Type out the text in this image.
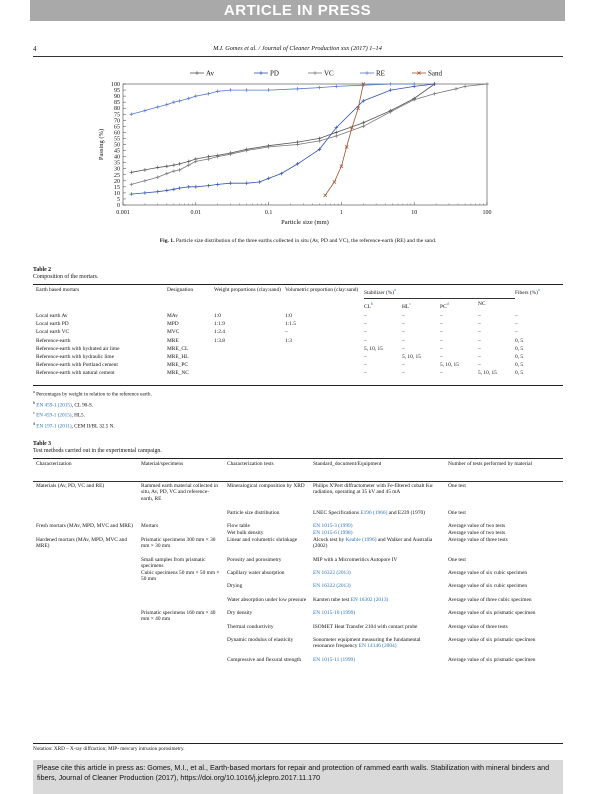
ARTICLE IN PRESS
4	M.I. Gomes et al. / Journal of Cleaner Production xxx (2017) 1–14
0
5
10
15
20
25
30
35
40
45
50
55
60
65
70
75
80
85
90
95
100
0.001	0.01	0.1	1	10	100
Particle size (mm)
Passing (%)
Av	PD	VC	RE	Sand
Fig. 1. Particle size distribution of the three earths collected in situ (Av, PD and VC), the reference-earth (RE) and the sand.
Table 2
Composition of the mortars.
Earth based mortars	Designation	Weight proportions (clay:sand)	Volumetric proportion (clay:sand)	Stabilizer (%)$^a$				Fibers (%)$^a$
				$CL^b$	$HL^c$	$PC^d$	NC	

Local earth Av	MAv	1:0	1:0	–	–	–	–	–
Local earth PD	MPD	1:1.9	1:1.5	–	–	–	–	–
Local earth VC	MVC	1:2.4	–	–	–	–	–	–
Reference-earth	MRE	1:3.8	1:3	–	–	–	–	0, 5
Reference-earth with hydrated air lime	MRE_CL			5, 10, 15	–	–	–	0, 5
Reference-earth with hydraulic lime	MRE_HL			–	5, 10, 15	–	–	0, 5
Reference-earth with Portland cement	MRE_PC			–	–	5, 10, 15	–	0, 5
Reference-earth with natural cement	MRE_NC			–	–	–	5, 10, 15	0, 5
$^a$ Percentages by weight in relation to the reference earth.
$^b$ EN 459-1 (2015), CL 90-S.
$^c$ EN 459-1 (2015), HL5.
$^d$ EN 197-1 (2011), CEM II/BL 32.5 N.
Table 3
Test methods carried out in the experimental campaign.
Characterization	Material/specimens	Characterization tests	Standard_document/Equipment	Number of tests performed by material
Materials (Av, PD, VC and RE)	Rammed earth material collected in situ, Av, PD, VC and reference-earth, RE	Mineralogical composition by XRD	Philips X'Pert diffractometer with Fe-filtered cobalt Kα radiation, operating at 35 kV and 45 mA	One test
		Particle size distribution	LNEC Specifications E196 (1966) and E239 (1970)	One test
Fresh mortars (MAv, MPD, MVC and MRE)	Mortars	Flow table	EN 1015-3 (1999)	Average value of two tests
		Wet bulk density	EN 1015-6 (1998)	Average value of two tests
Hardened mortars (MAv, MPD, MVC and MRE)	Prismatic specimens 300 mm × 30 mm × 30 mm	Linear and volumetric shrinkage	Alcock test by Keable (1996) and Walker and Australia (2002)	Average value of three tests
	Small samples from prismatic specimens	Porosity and porosimetry	MIP with a Micromeritics Autopore IV	One test
	Cubic specimens 50 mm × 50 mm × 50 mm	Capillary water absorption	EN 16322 (2013)	Average value of six cubic specimen
		Drying	EN 16322 (2013)	Average value of six cubic specimen
		Water absorption under low pressure	Karsten tube test EN 16302 (2013)	Average value of three cubic specimen
	Prismatic specimens 160 mm × 40 mm × 40 mm	Dry density	EN 1015-10 (1999)	Average value of six prismatic specimen
		Thermal conductivity	ISOMET Heat Transfer 2104 with contact probe	Average value of three tests
		Dynamic modulus of elasticity	Sonometer equipment measuring the fundamental resonance frequency EN 14146 (2004)	Average value of six prismatic specimen
		Compressive and flexural strength	EN 1015-11 (1999)	Average value of six prismatic specimen
Notation: XRD – X-ray diffraction; MIP- mercury intrusion porosimetry.
Please cite this article in press as: Gomes, M.I., et al., Earth-based mortars for repair and protection of rammed earth walls. Stabilization with mineral binders and fibers, Journal of Cleaner Production (2017), https://doi.org/10.1016/j.jclepro.2017.11.170
